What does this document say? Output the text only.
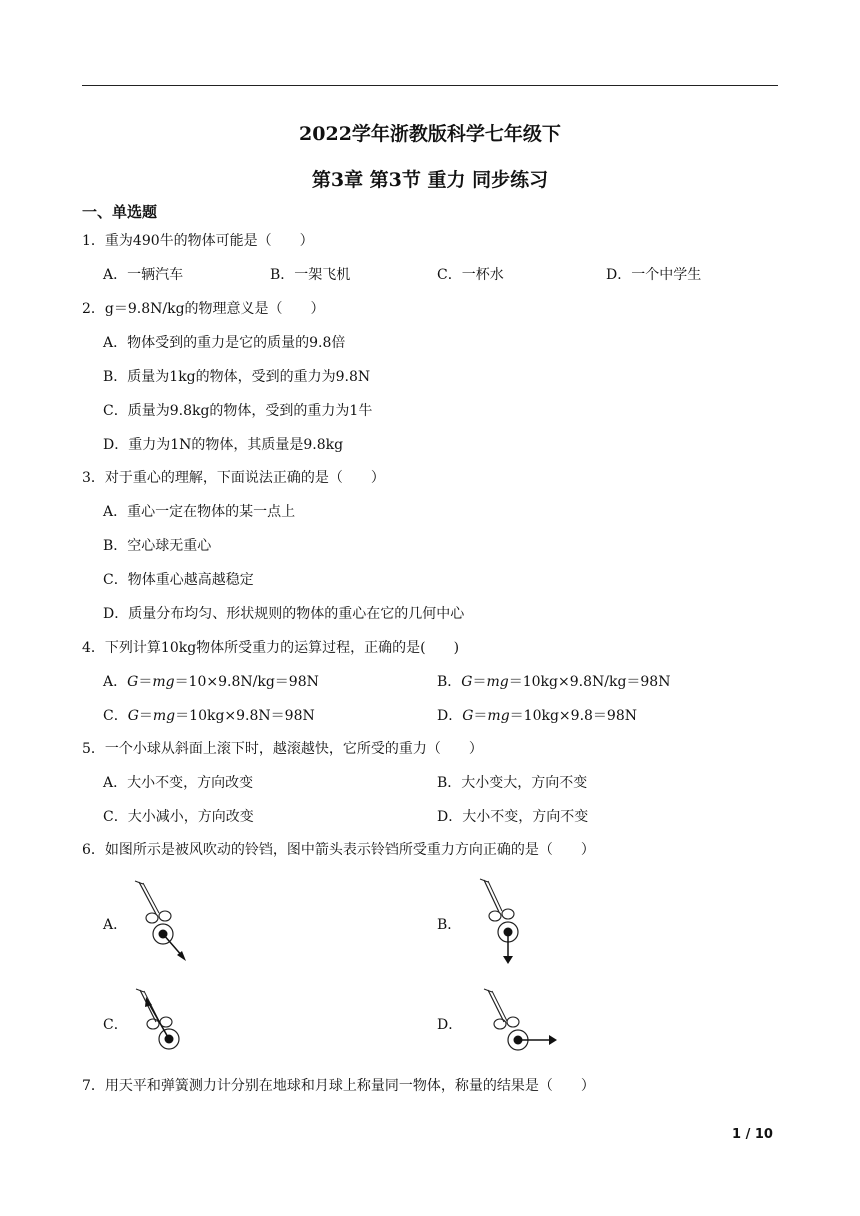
2022学年浙教版科学七年级下
第3章 第3节 重力 同步练习
一、单选题
1．重为490牛的物体可能是（　　）
A．一辆汽车	B．一架飞机	C．一杯水	D．一个中学生
2．g＝9.8N/kg的物理意义是（　　）
A．物体受到的重力是它的质量的9.8倍
B．质量为1kg的物体，受到的重力为9.8N
C．质量为9.8kg的物体，受到的重力为1牛
D．重力为1N的物体，其质量是9.8kg
3．对于重心的理解，下面说法正确的是（　　）
A．重心一定在物体的某一点上
B．空心球无重心
C．物体重心越高越稳定
D．质量分布均匀、形状规则的物体的重心在它的几何中心
4．下列计算10kg物体所受重力的运算过程，正确的是(　　)
A．G＝mg＝10×9.8N/kg＝98N	B．G＝mg＝10kg×9.8N/kg＝98N
C．G＝mg＝10kg×9.8N＝98N	D．G＝mg＝10kg×9.8＝98N
5．一个小球从斜面上滚下时，越滚越快，它所受的重力（　　）
A．大小不变，方向改变	B．大小变大，方向不变
C．大小减小，方向改变	D．大小不变，方向不变
6．如图所示是被风吹动的铃铛，图中箭头表示铃铛所受重力方向正确的是（　　）
A．	B．
C．	D．
7．用天平和弹簧测力计分别在地球和月球上称量同一物体，称量的结果是（　　）
1 / 10
